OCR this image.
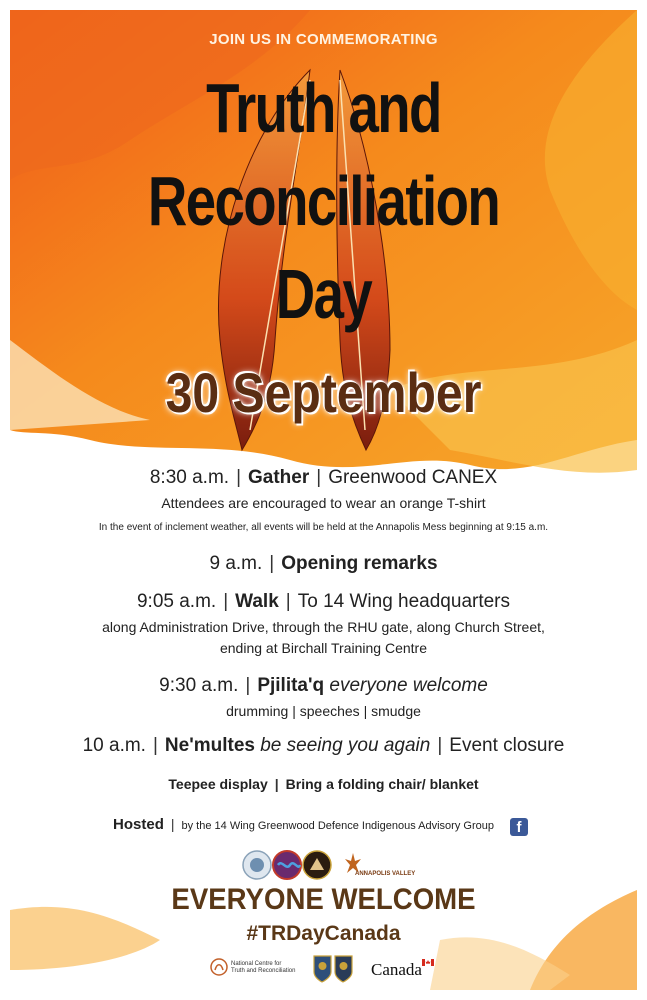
JOIN US IN COMMEMORATING
Truth and
Reconciliation
Day
30 September
8:30 a.m. | Gather | Greenwood CANEX
Attendees are encouraged to wear an orange T-shirt
In the event of inclement weather, all events will be held at the Annapolis Mess beginning at 9:15 a.m.
9 a.m. | Opening remarks
9:05 a.m. | Walk | To 14 Wing headquarters
along Administration Drive, through the RHU gate, along Church Street,
ending at Birchall Training Centre
9:30 a.m. | Pjilita'q everyone welcome
drumming | speeches | smudge
10 a.m. | Ne'multes be seeing you again | Event closure
Teepee display | Bring a folding chair/ blanket
Hosted | by the 14 Wing Greenwood Defence Indigenous Advisory Group	f
ANNAPOLIS VALLEY
EVERYONE WELCOME
#TRDayCanada
National Centre for
Truth and Reconciliation	Canada
